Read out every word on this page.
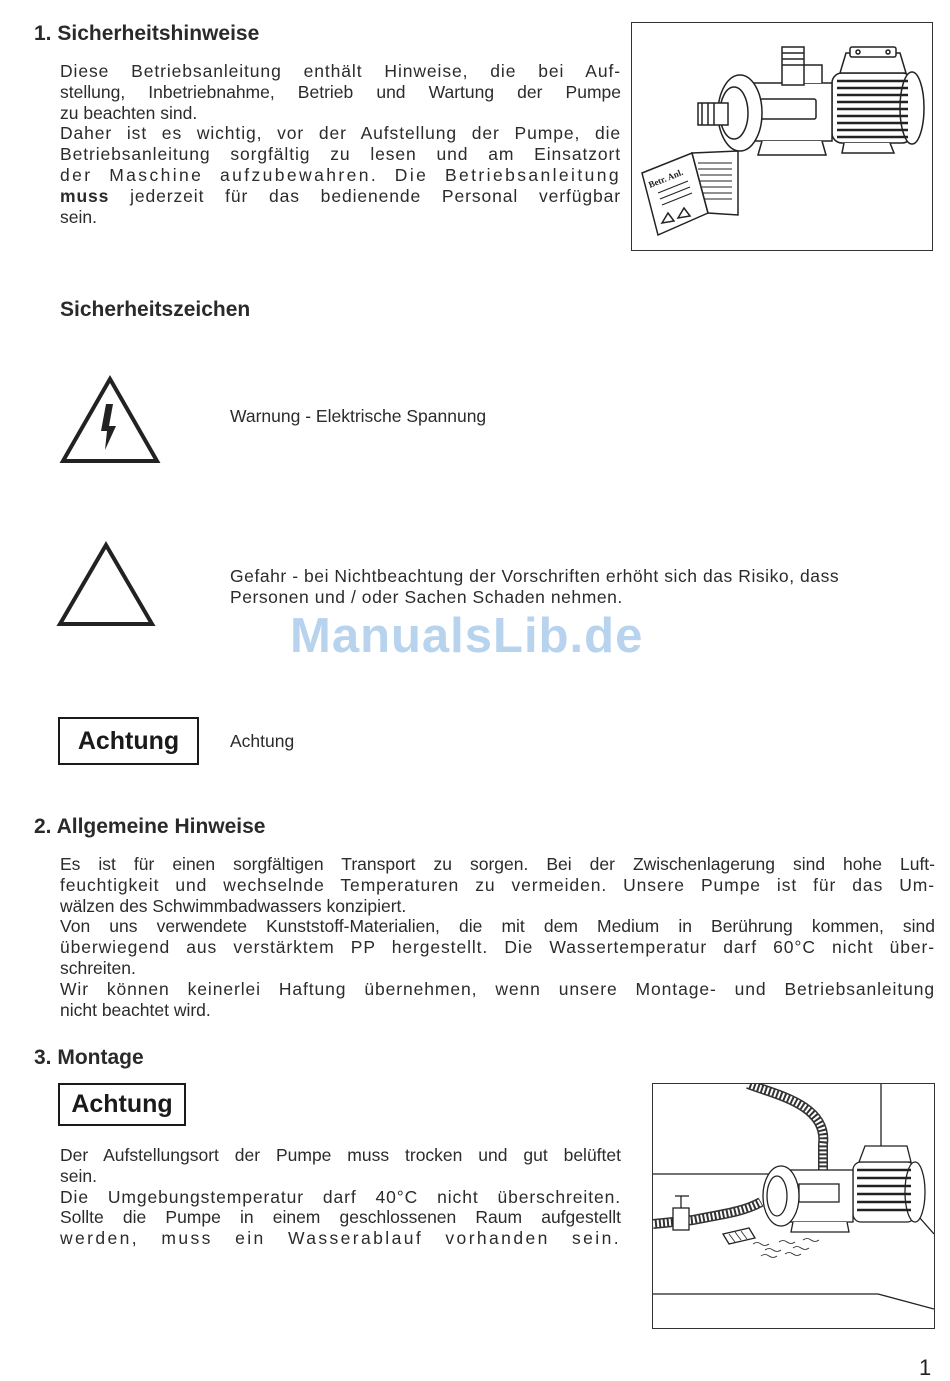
1. Sicherheitshinweise
Diese Betriebsanleitung enthält Hinweise, die bei Auf-
stellung, Inbetriebnahme, Betrieb und Wartung der Pumpe
zu beachten sind.
Daher ist es wichtig, vor der Aufstellung der Pumpe, die
Betriebsanleitung sorgfältig zu lesen und am Einsatzort
der Maschine aufzubewahren. Die Betriebsanleitung
muss jederzeit für das bedienende Personal verfügbar
sein.
Betr. Anl.
Sicherheitszeichen
Warnung - Elektrische Spannung
Gefahr - bei Nichtbeachtung der Vorschriften erhöht sich das Risiko, dass
Personen und / oder Sachen Schaden nehmen.
ManualsLib.de
Achtung	Achtung
2. Allgemeine Hinweise
Es ist für einen sorgfältigen Transport zu sorgen. Bei der Zwischenlagerung sind hohe Luft-
feuchtigkeit und wechselnde Temperaturen zu vermeiden. Unsere Pumpe ist für das Um-
wälzen des Schwimmbadwassers konzipiert.
Von uns verwendete Kunststoff-Materialien, die mit dem Medium in Berührung kommen, sind
überwiegend aus verstärktem PP hergestellt. Die Wassertemperatur darf 60°C nicht über-
schreiten.
Wir können keinerlei Haftung übernehmen, wenn unsere Montage- und Betriebsanleitung
nicht beachtet wird.
3. Montage
Achtung
Der Aufstellungsort der Pumpe muss trocken und gut belüftet
sein.
Die Umgebungstemperatur darf 40°C nicht überschreiten.
Sollte die Pumpe in einem geschlossenen Raum aufgestellt
werden, muss ein Wasserablauf vorhanden sein.
1
